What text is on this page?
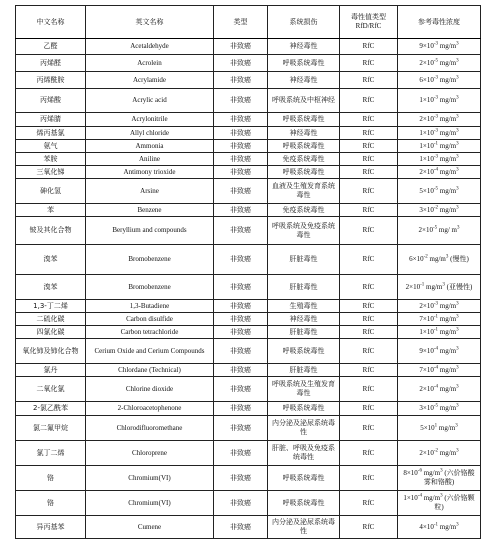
中文名称	英文名称	类型	系统损伤	毒性值类型 RfD/RfC	参考毒性浓度
乙醛	Acetaldehyde	非致癌	神经毒性	RfC	$9\times 10^{-3}$ $mg/m^3$
丙烯醛	Acrolein	非致癌	呼吸系统毒性	RfC	$2\times 10^{-5}$ $mg/m^3$
丙烯酰胺	Acrylamide	非致癌	神经毒性	RfC	$6\times 10^{-3}$ $mg/m^3$
丙烯酸	Acrylic acid	非致癌	呼吸系统及中枢神经	RfC	$1\times 10^{-3}$ $mg/m^3$
丙烯腈	Acrylonitrile	非致癌	呼吸系统毒性	RfC	$2\times 10^{-3}$ $mg/m^3$
烯丙基氯	Allyl chloride	非致癌	神经毒性	RfC	$1\times 10^{-3}$ $mg/m^3$
氨气	Ammonia	非致癌	呼吸系统毒性	RfC	$1\times 10^{-1}$ $mg/m^3$
苯胺	Aniline	非致癌	免疫系统毒性	RfC	$1\times 10^{-3}$ $mg/m^3$
三氧化锑	Antimony trioxide	非致癌	呼吸系统毒性	RfC	$2\times 10^{-4}$ $mg/m^3$
砷化氢	Arsine	非致癌	血液及生殖发育系统毒性	RfC	$5\times 10^{-5}$ $mg/m^3$
苯	Benzene	非致癌	免疫系统毒性	RfC	$3\times 10^{-2}$ $mg/m^3$
铍及其化合物	Beryllium and compounds	非致癌	呼吸系统及免疫系统毒性	RfC	$2\times 10^{-5}$ mg/ $m^3$
溴苯	Bromobenzene	非致癌	肝脏毒性	RfC	$6\times 10^{-2}$ $mg/m^3$ (慢性)
溴苯	Bromobenzene	非致癌	肝脏毒性	RfC	$2\times 10^{-1}$ $mg/m^3$ (亚慢性)
1,3-丁二烯	1,3-Butadiene	非致癌	生殖毒性	RfC	$2\times 10^{-3}$ $mg/m^3$
二硫化碳	Carbon disulfide	非致癌	神经毒性	RfC	$7\times 10^{-1}$ $mg/m^3$
四氯化碳	Carbon tetrachloride	非致癌	肝脏毒性	RfC	$1\times 10^{-1}$ $mg/m^3$
氧化铈及铈化合物	Cerium Oxide and Cerium Compounds	非致癌	呼吸系统毒性	RfC	$9\times 10^{-4}$ $mg/m^3$
氯丹	Chlordane (Technical)	非致癌	肝脏毒性	RfC	$7\times 10^{-4}$ $mg/m^3$
二氧化氯	Chlorine dioxide	非致癌	呼吸系统及生殖发育毒性	RfC	$2\times 10^{-4}$ $mg/m^3$
2-氯乙酰苯	2-Chloroacetophenone	非致癌	呼吸系统毒性	RfC	$3\times 10^{-5}$ $mg/m^3$
氯二氟甲烷	Chlorodifluoromethane	非致癌	内分泌及泌尿系统毒性	RfC	$5\times 10^1$ $mg/m^3$
氯丁二烯	Chloroprene	非致癌	肝脏、呼吸及免疫系统毒性	RfC	$2\times 10^{-2}$ $mg/m^3$
铬	Chromium(VI)	非致癌	呼吸系统毒性	RfC	$8\times 10^{-6}$ $mg/m^3$ (六价铬酸雾和铬酸)
铬	Chromium(VI)	非致癌	呼吸系统毒性	RfC	$1\times 10^{-4}$ $mg/m^3$ (六价铬颗粒)
异丙基苯	Cumene	非致癌	内分泌及泌尿系统毒性	RfC	$4\times 10^{-1}$ $mg/m^3$
